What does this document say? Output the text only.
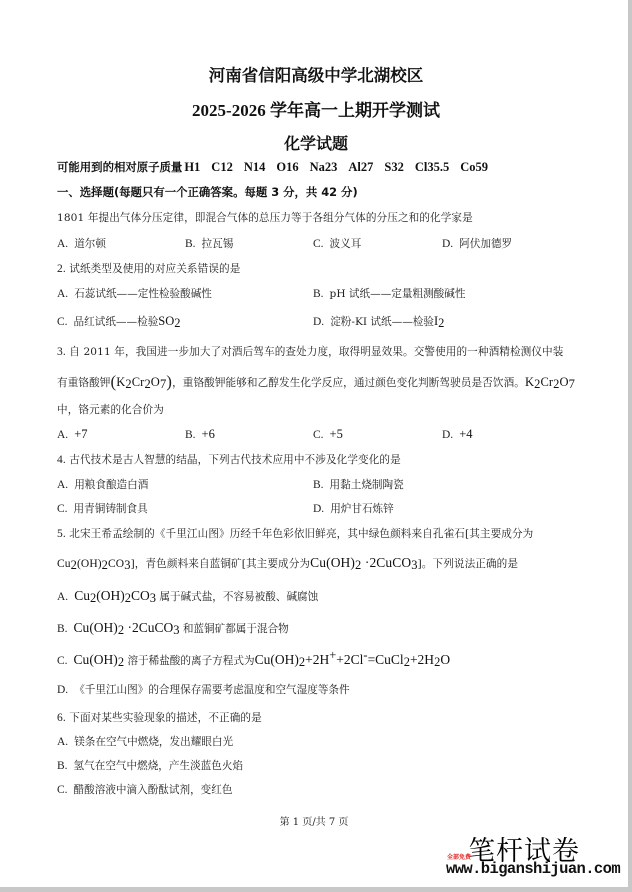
河南省信阳高级中学北湖校区
2025-2026 学年高一上期开学测试
化学试题
可能用到的相对原子质量 H1 C12 N14 O16 Na23 Al27 S32 Cl35.5 Co59
一、选择题(每题只有一个正确答案。每题 3 分，共 42 分)
1801 年提出气体分压定律，即混合气体的总压力等于各组分气体的分压之和的化学家是
A. 道尔顿	B. 拉瓦锡	C. 波义耳	D. 阿伏加德罗
2. 试纸类型及使用的对应关系错误的是
A. 石蕊试纸——定性检验酸碱性	B. pH 试纸——定量粗测酸碱性
C. 品红试纸——检验$SO_2$	D. 淀粉-KI 试纸——检验$I_2$
3. 自 2011 年，我国进一步加大了对酒后驾车的查处力度，取得明显效果。交警使用的一种酒精检测仪中装
有重铬酸钾$(K_2Cr_2O_7)$，重铬酸钾能够和乙醇发生化学反应，通过颜色变化判断驾驶员是否饮酒。$K_2Cr_2O_7$
中，铬元素的化合价为
A. +7	B. +6	C. +5	D. +4
4. 古代技术是古人智慧的结晶，下列古代技术应用中不涉及化学变化的是
A. 用粮食酿造白酒	B. 用黏土烧制陶瓷
C. 用青铜铸制食具	D. 用炉甘石炼锌
5. 北宋王希孟绘制的《千里江山图》历经千年色彩依旧鲜亮，其中绿色颜料来自孔雀石[其主要成分为
$Cu_2(OH)_2CO_3$]，青色颜料来自蓝铜矿[其主要成分为$Cu(OH)_2$ ·2CuCO$_3$]。下列说法正确的是
A. $Cu_2(OH)_2CO_3$ 属于碱式盐，不容易被酸、碱腐蚀
B. $Cu(OH)_2$ ·2CuCO$_3$ 和蓝铜矿都属于混合物
C. $Cu(OH)_2$ 溶于稀盐酸的离子方程式为$Cu(OH)_2+2H^++2Cl^-=CuCl_2+2H_2O$
D. 《千里江山图》的合理保存需要考虑温度和空气湿度等条件
6. 下面对某些实验现象的描述，不正确的是
A. 镁条在空气中燃烧，发出耀眼白光
B. 氢气在空气中燃烧，产生淡蓝色火焰
C. 醋酸溶液中滴入酚酞试剂，变红色
第 1 页/共 7 页
笔杆试卷
全部免费
www.biganshijuan.com
